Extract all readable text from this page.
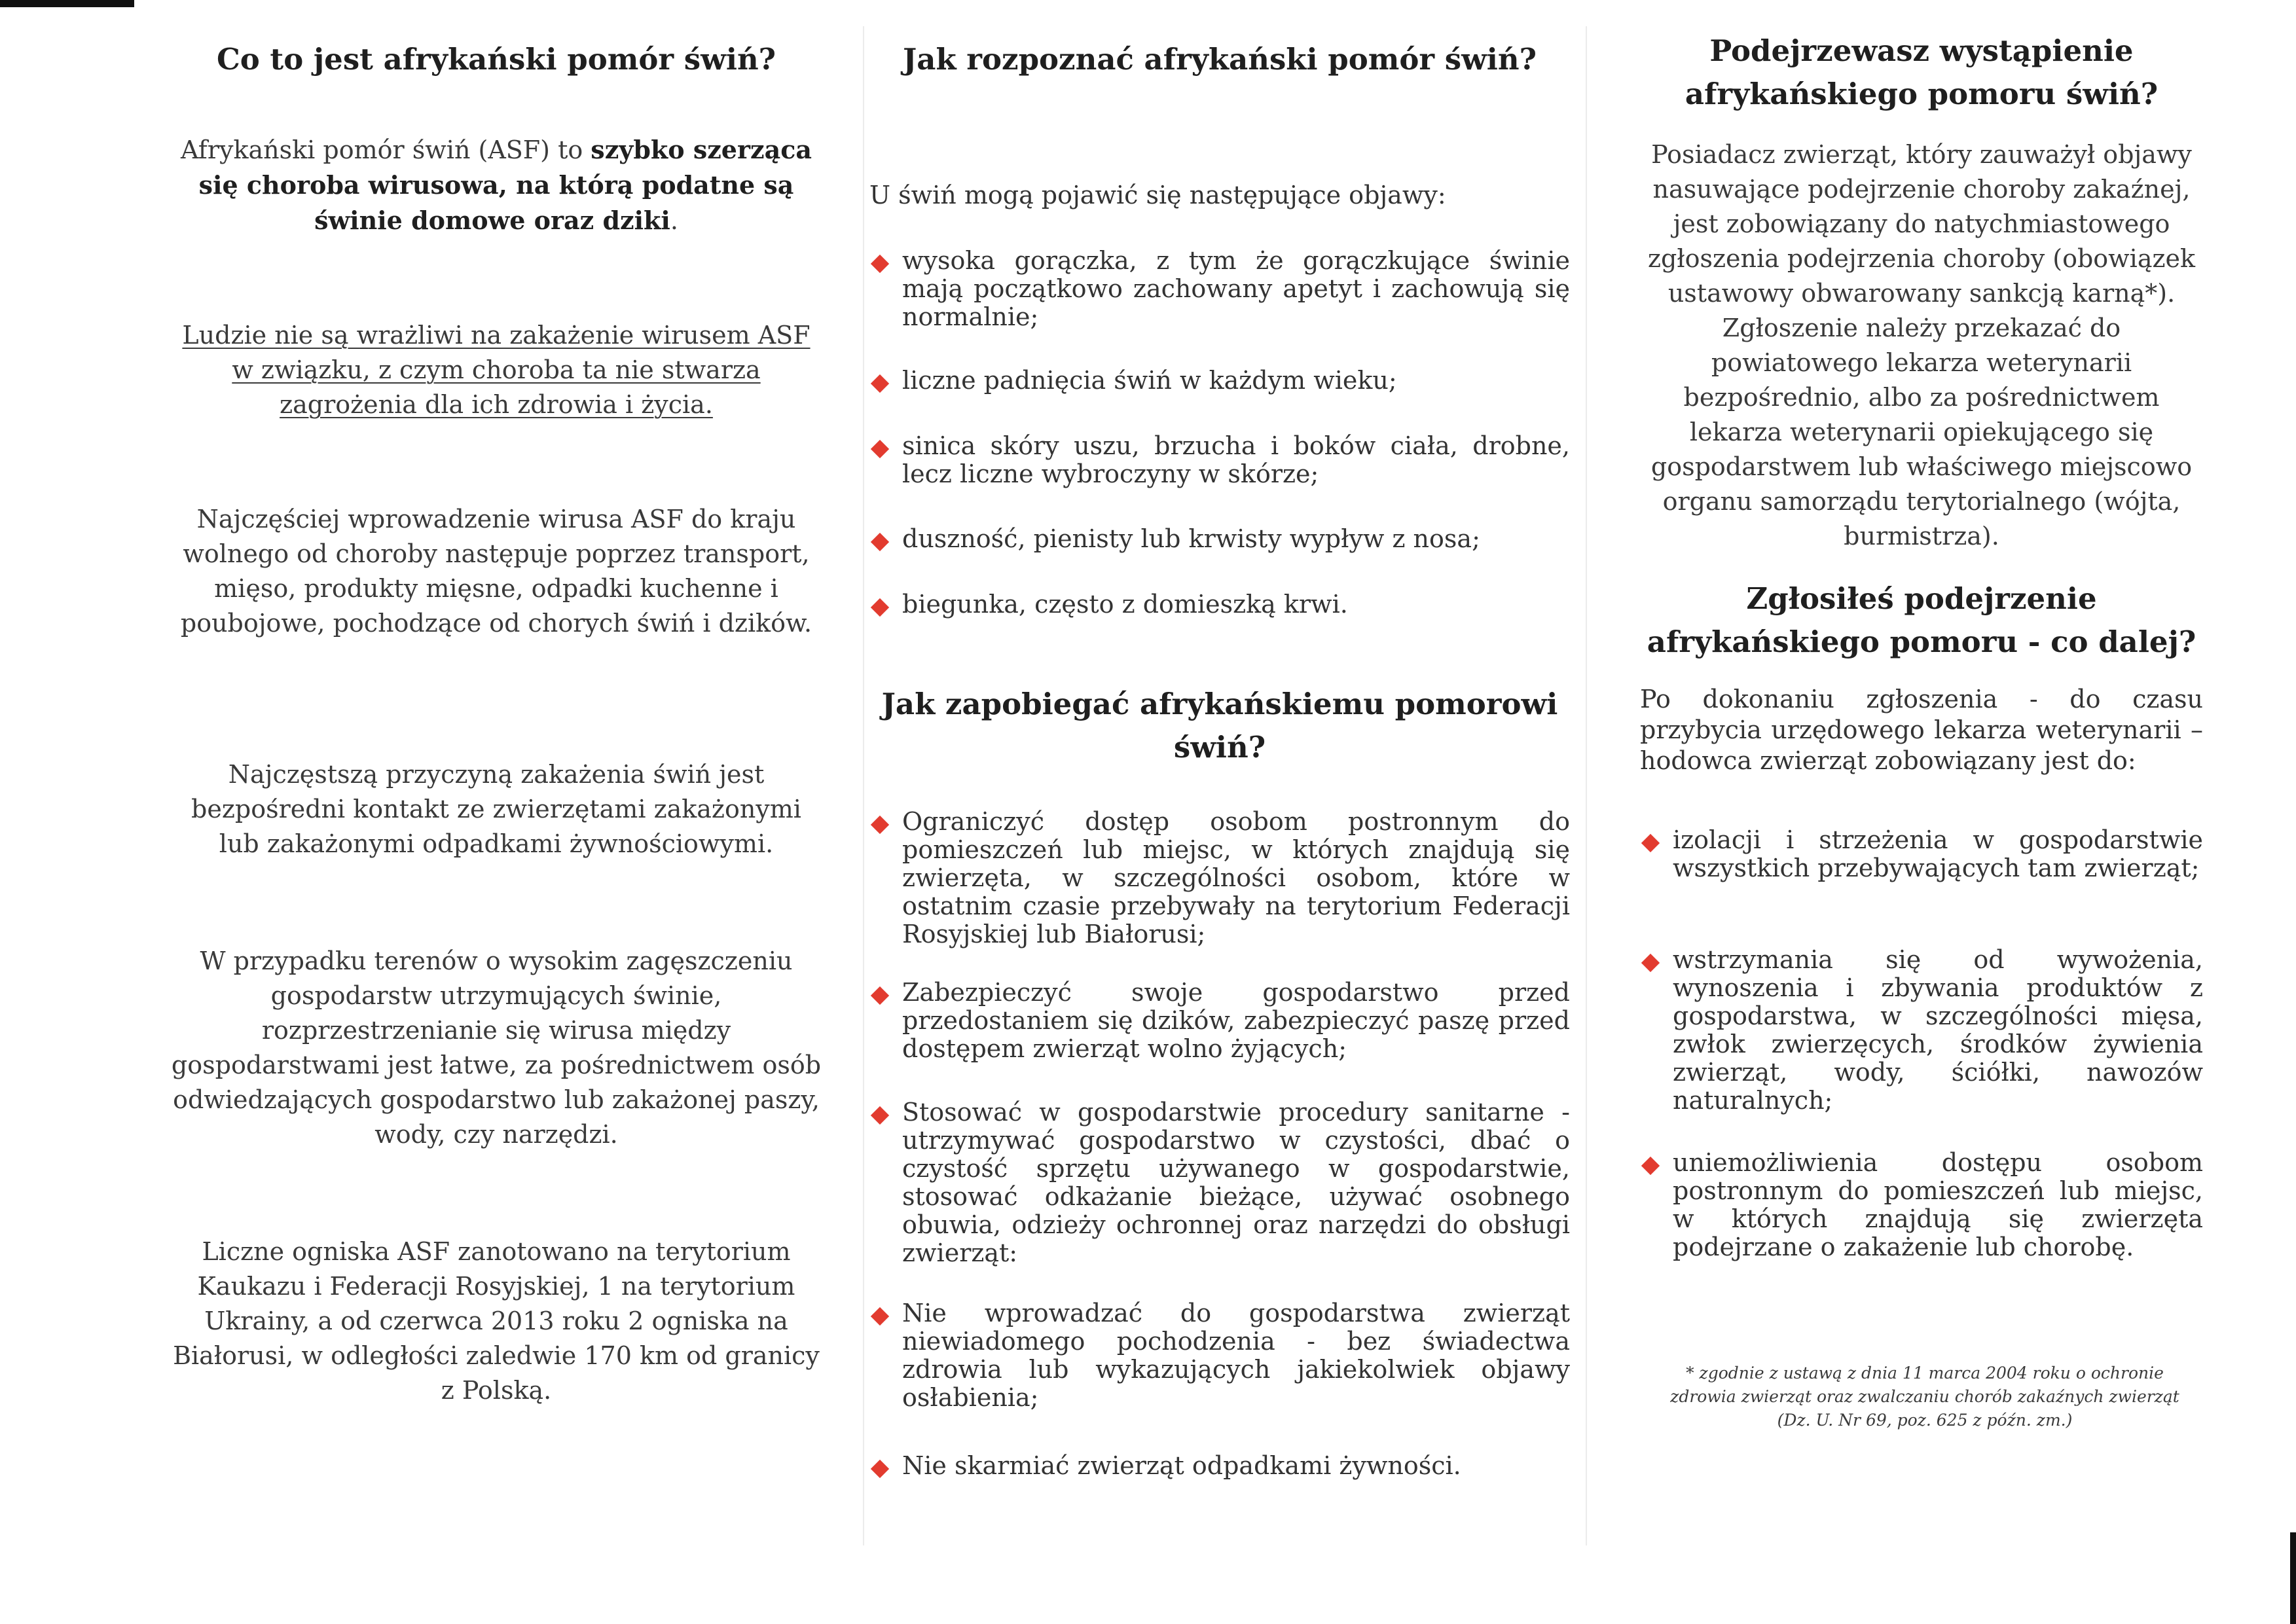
Co to jest afrykański pomór świń?

Afrykański pomór świń (ASF) to szybko szerząca się choroba wirusowa, na którą podatne są świnie domowe oraz dziki.

Ludzie nie są wrażliwi na zakażenie wirusem ASF w związku, z czym choroba ta nie stwarza zagrożenia dla ich zdrowia i życia.

Najczęściej wprowadzenie wirusa ASF do kraju wolnego od choroby następuje poprzez transport, mięso, produkty mięsne, odpadki kuchenne i poubojowe, pochodzące od chorych świń i dzików.

Najczęstszą przyczyną zakażenia świń jest bezpośredni kontakt ze zwierzętami zakażonymi lub zakażonymi odpadkami żywnościowymi.

W przypadku terenów o wysokim zagęszczeniu gospodarstw utrzymujących świnie, rozprzestrzenianie się wirusa między gospodarstwami jest łatwe, za pośrednictwem osób odwiedzających gospodarstwo lub zakażonej paszy, wody, czy narzędzi.

Liczne ogniska ASF zanotowano na terytorium Kaukazu i Federacji Rosyjskiej, 1 na terytorium Ukrainy, a od czerwca 2013 roku 2 ogniska na Białorusi, w odległości zaledwie 170 km od granicy z Polską.

Jak rozpoznać afrykański pomór świń?

U świń mogą pojawić się następujące objawy:

wysoka gorączka, z tym że gorączkujące świnie mają początkowo zachowany apetyt i zachowują się normalnie;

liczne padnięcia świń w każdym wieku;

sinica skóry uszu, brzucha i boków ciała, drobne, lecz liczne wybroczyny w skórze;

duszność, pienisty lub krwisty wypływ z nosa;

biegunka, często z domieszką krwi.

Jak zapobiegać afrykańskiemu pomorowi świń?

Ograniczyć dostęp osobom postronnym do pomieszczeń lub miejsc, w których znajdują się zwierzęta, w szczególności osobom, które w ostatnim czasie przebywały na terytorium Federacji Rosyjskiej lub Białorusi;

Zabezpieczyć swoje gospodarstwo przed przedostaniem się dzików, zabezpieczyć paszę przed dostępem zwierząt wolno żyjących;

Stosować w gospodarstwie procedury sanitarne - utrzymywać gospodarstwo w czystości, dbać o czystość sprzętu używanego w gospodarstwie, stosować odkażanie bieżące, używać osobnego obuwia, odzieży ochronnej oraz narzędzi do obsługi zwierząt:

Nie wprowadzać do gospodarstwa zwierząt niewiadomego pochodzenia - bez świadectwa zdrowia lub wykazujących jakiekolwiek objawy osłabienia;

Nie skarmiać zwierząt odpadkami żywności.

Podejrzewasz wystąpienie afrykańskiego pomoru świń?

Posiadacz zwierząt, który zauważył objawy nasuwające podejrzenie choroby zakaźnej, jest zobowiązany do natychmiastowego zgłoszenia podejrzenia choroby (obowiązek ustawowy obwarowany sankcją karną*). Zgłoszenie należy przekazać do powiatowego lekarza weterynarii bezpośrednio, albo za pośrednictwem lekarza weterynarii opiekującego się gospodarstwem lub właściwego miejscowo organu samorządu terytorialnego (wójta, burmistrza).

Zgłosiłeś podejrzenie afrykańskiego pomoru - co dalej?

Po dokonaniu zgłoszenia - do czasu przybycia urzędowego lekarza weterynarii – hodowca zwierząt zobowiązany jest do:

izolacji i strzeżenia w gospodarstwie wszystkich przebywających tam zwierząt;

wstrzymania się od wywożenia, wynoszenia i zbywania produktów z gospodarstwa, w szczególności mięsa, zwłok zwierzęcych, środków żywienia zwierząt, wody, ściółki, nawozów naturalnych;

uniemożliwienia dostępu osobom postronnym do pomieszczeń lub miejsc, w których znajdują się zwierzęta podejrzane o zakażenie lub chorobę.

* zgodnie z ustawą z dnia 11 marca 2004 roku o ochronie zdrowia zwierząt oraz zwalczaniu chorób zakaźnych zwierząt (Dz. U. Nr 69, poz. 625 z późn. zm.)
